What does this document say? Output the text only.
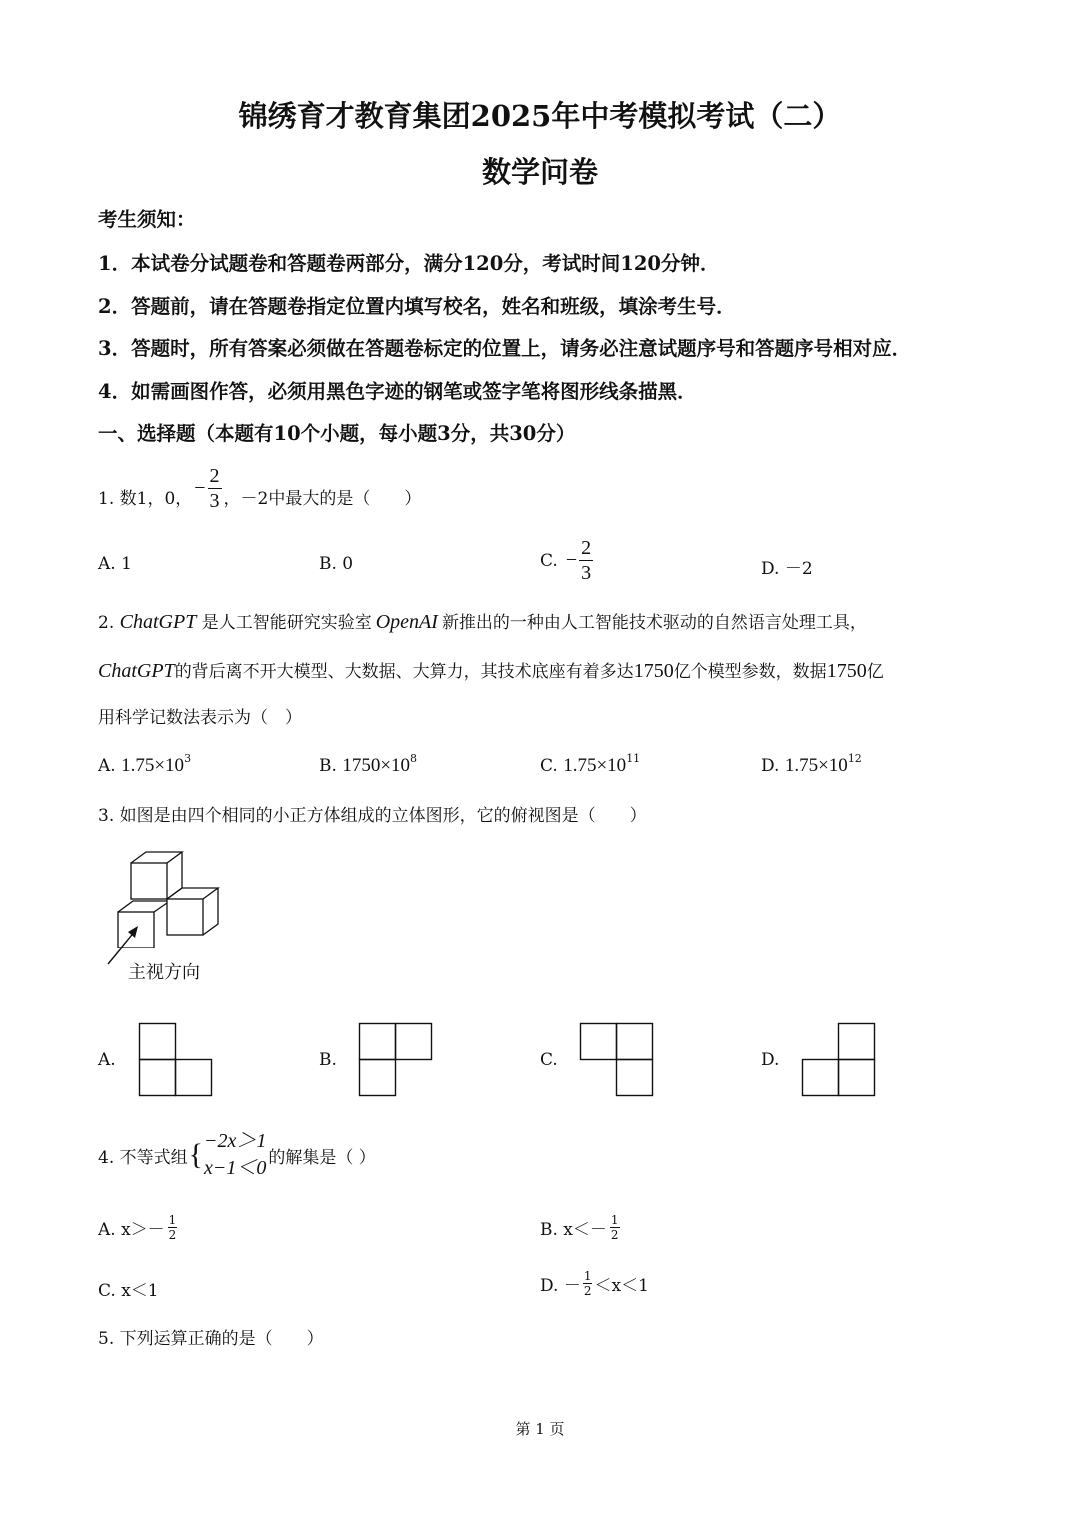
锦绣育才教育集团2025年中考模拟考试（二）
数学问卷
考生须知：
1．本试卷分试题卷和答题卷两部分，满分120分，考试时间120分钟．
2．答题前，请在答题卷指定位置内填写校名，姓名和班级，填涂考生号．
3．答题时，所有答案必须做在答题卷标定的位置上，请务必注意试题序号和答题序号相对应．
4．如需画图作答，必须用黑色字迹的钢笔或签字笔将图形线条描黑．
一、选择题（本题有10个小题，每小题3分，共30分）
1. 数1，0， − $\frac{2}{3}$ ，－2中最大的是（　　）
A. 1	B. 0	C. − $\frac{2}{3}$	D. －2
2. ChatGPT 是人工智能研究实验室 OpenAI 新推出的一种由人工智能技术驱动的自然语言处理工具，
ChatGPT的背后离不开大模型、大数据、大算力，其技术底座有着多达1750亿个模型参数，数据1750亿
用科学记数法表示为（　）
A. $1.75\times 10^3$	B. $1750\times 10^8$	C. $1.75\times 10^{11}$	D. $1.75\times 10^{12}$
3. 如图是由四个相同的小正方体组成的立体图形，它的俯视图是（　　）
主视方向
A.	B.	C.	D.
4. 不等式组 { −2x＞1
x−1＜0 的解集是（ ）
A. $x>- \frac{1}{2}$	B. $x<- \frac{1}{2}$
C. x＜1	D. － $\frac{1}{2} <x<1$
5. 下列运算正确的是（　　）
第 1 页
